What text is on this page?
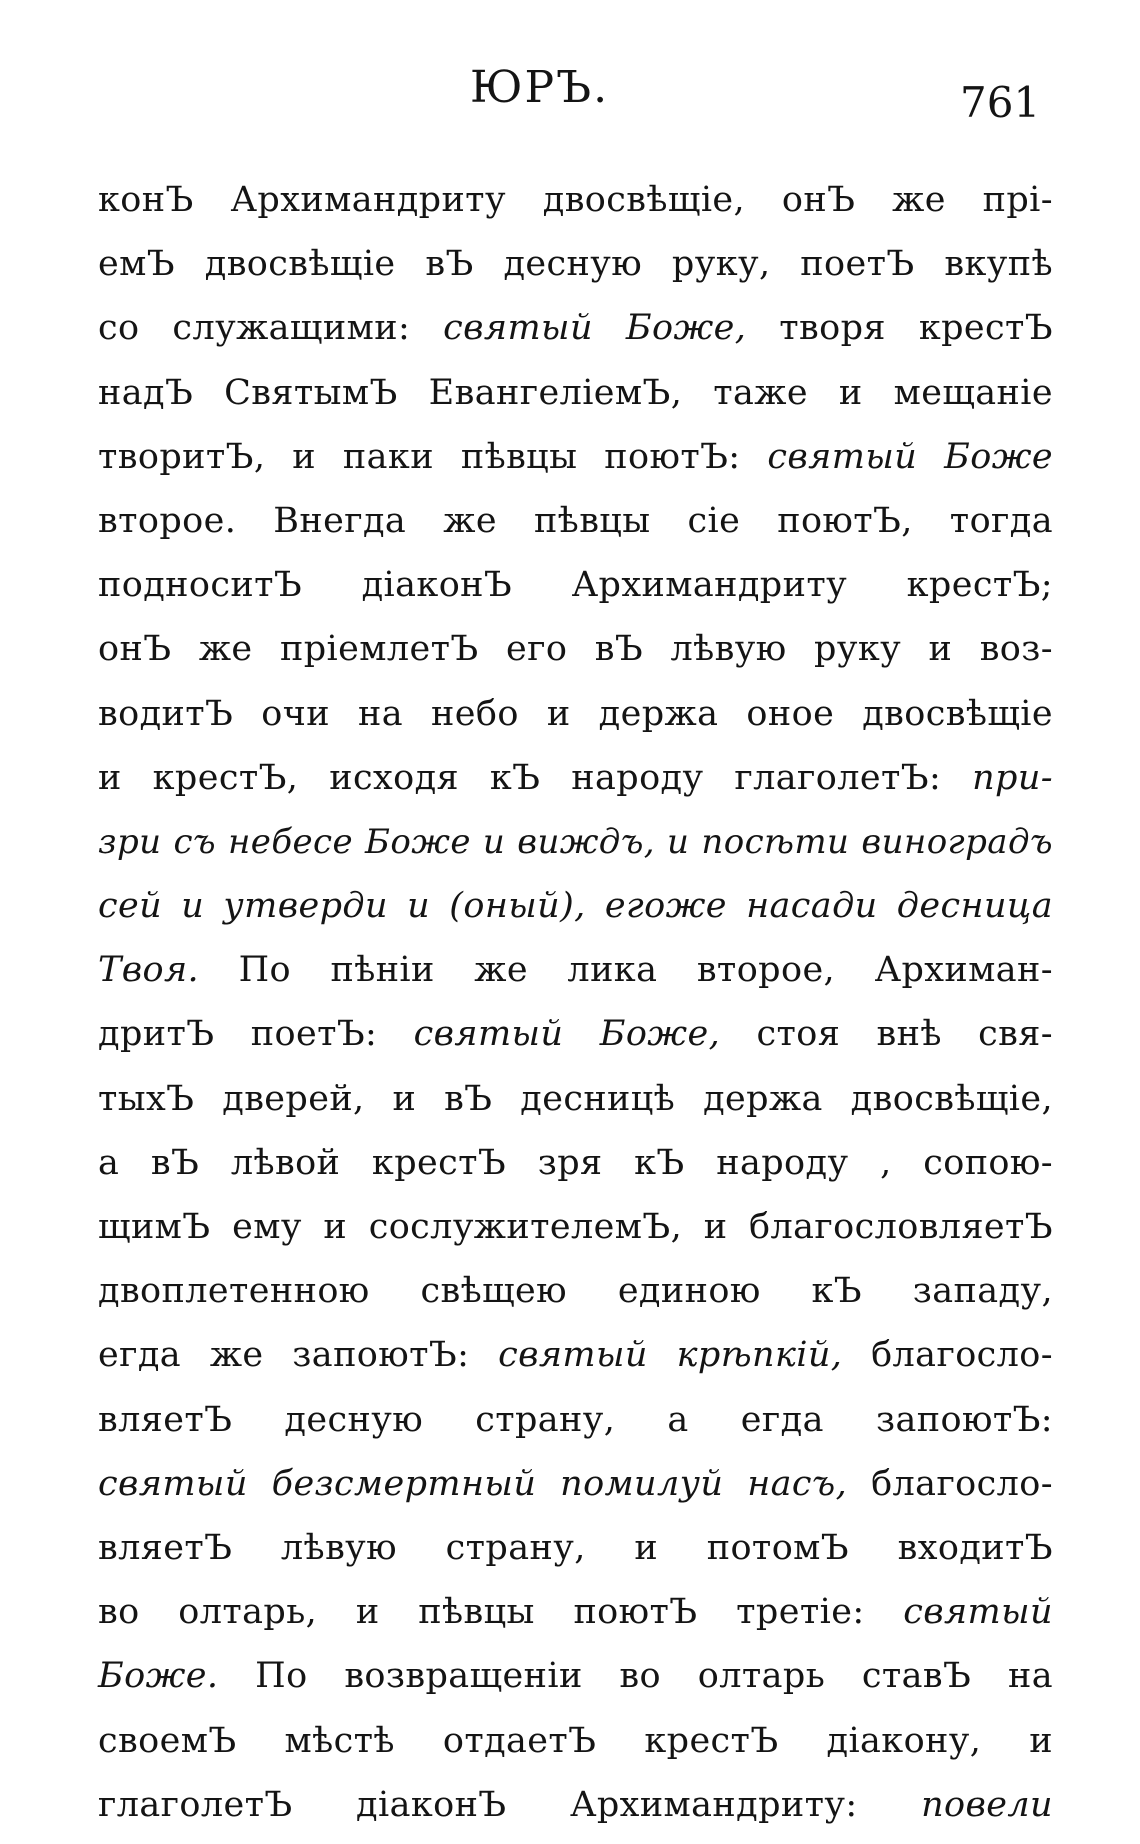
ЮРЪ.	761
конЪ Архимандриту двосвѣщіе, онЪ же прі-
емЪ двосвѣщіе вЪ десную руку, поетЪ вкупѣ
со служащими: святый Боже, творя крестЪ
надЪ СвятымЪ ЕвангеліемЪ, таже и мещаніе
творитЪ, и паки пѣвцы поютЪ: святый Боже
второе. Внегда же пѣвцы сіе поютЪ, тогда
подноситЪ діаконЪ Архимандриту крестЪ;
онЪ же пріемлетЪ его вЪ лѣвую руку и воз-
водитЪ очи на небо и держа оное двосвѣщіе
и крестЪ, исходя кЪ народу глаголетЪ: при-
зри съ небесе Боже и виждъ, и посѣти виноградъ
сей и утверди и (оный), егоже насади десница
Твоя. По пѣніи же лика второе, Архиман-
дритЪ поетЪ: святый Боже, стоя внѣ свя-
тыхЪ дверей, и вЪ десницѣ держа двосвѣщіе,
а вЪ лѣвой крестЪ зря кЪ народу , сопою-
щимЪ ему и сослужителемЪ, и благословляетЪ
двоплетенною свѣщею единою кЪ западу,
егда же запоютЪ: святый крѣпкій, благосло-
вляетЪ десную страну, а егда запоютЪ:
святый безсмертный помилуй насъ, благосло-
вляетЪ лѣвую страну, и потомЪ входитЪ
во олтарь, и пѣвцы поютЪ третіе: святый
Боже. По возвращеніи во олтарь ставЪ на
своемЪ мѣстѣ отдаетЪ крестЪ діакону, и
глаголетЪ діаконЪ Архимандриту: повели
